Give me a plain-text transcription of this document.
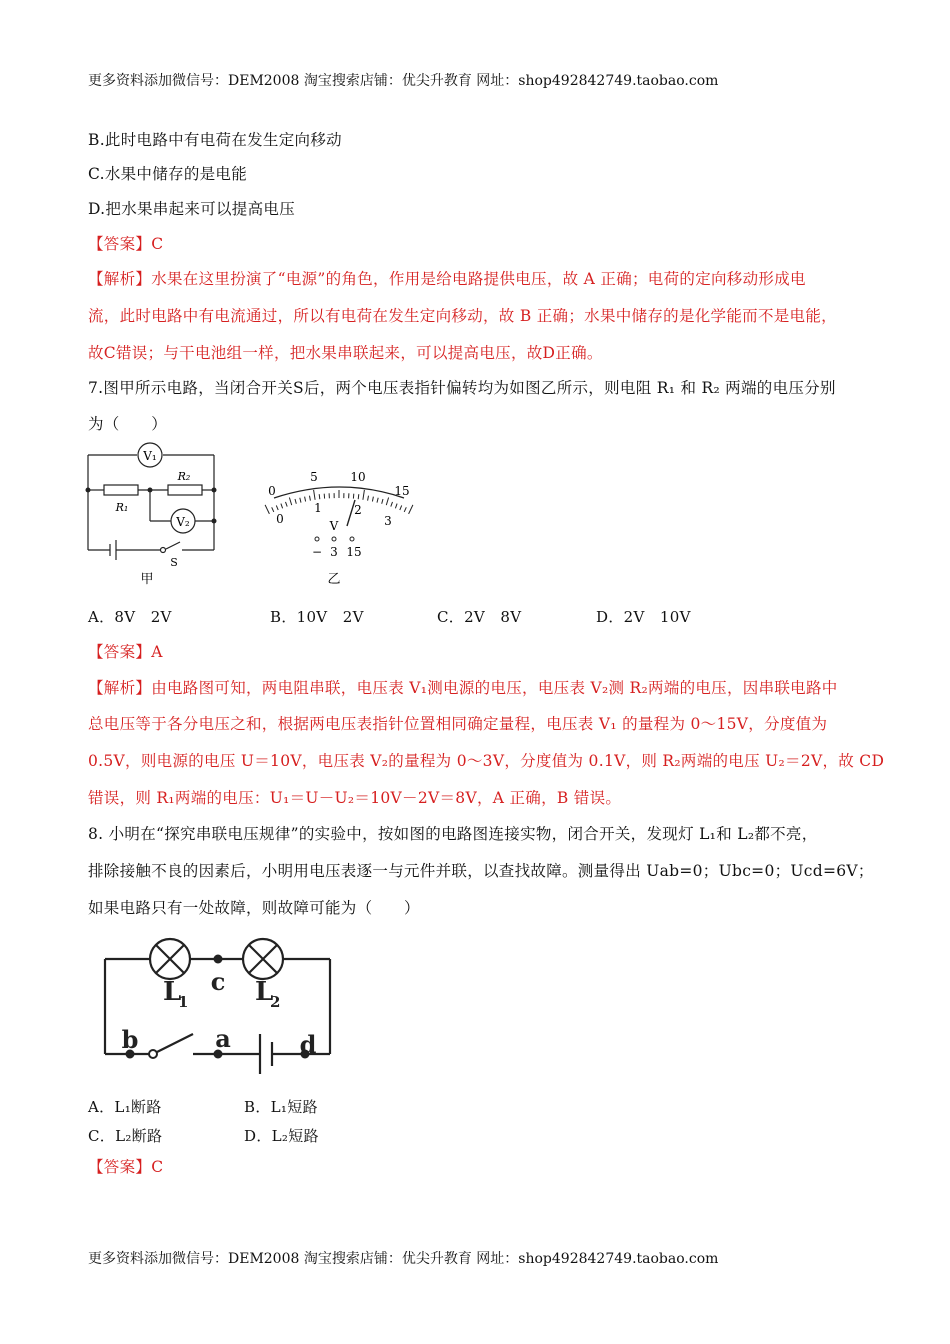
更多资料添加微信号：DEM2008 淘宝搜索店铺：优尖升教育 网址：shop492842749.taobao.com
B.此时电路中有电荷在发生定向移动
C.水果中储存的是电能
D.把水果串起来可以提高电压
【答案】C
【解析】水果在这里扮演了“电源”的角色，作用是给电路提供电压，故 A 正确；电荷的定向移动形成电
流，此时电路中有电流通过，所以有电荷在发生定向移动，故 B 正确；水果中储存的是化学能而不是电能，
故C错误；与干电池组一样，把水果串联起来，可以提高电压，故D正确。
7.图甲所示电路，当闭合开关S后，两个电压表指针偏转均为如图乙所示，则电阻 R₁ 和 R₂ 两端的电压分别
为（　　）
V₁
V₂
R₁
R₂
S
甲
0
5	10
15
0
1	2
3
V
− 3 15
乙
A．8V　2V	B．10V　2V	C．2V　8V	D．2V　10V
【答案】A
【解析】由电路图可知，两电阻串联，电压表 V₁测电源的电压，电压表 V₂测 R₂两端的电压，因串联电路中
总电压等于各分电压之和，根据两电压表指针位置相同确定量程，电压表 V₁ 的量程为 0～15V，分度值为
0.5V，则电源的电压 U＝10V，电压表 V₂的量程为 0～3V，分度值为 0.1V，则 R₂两端的电压 U₂＝2V，故 CD
错误，则 R₁两端的电压：U₁＝U－U₂＝10V－2V＝8V，A 正确，B 错误。
8. 小明在“探究串联电压规律”的实验中，按如图的电路图连接实物，闭合开关，发现灯 L₁和 L₂都不亮，
排除接触不良的因素后，小明用电压表逐一与元件并联，以查找故障。测量得出 Uab=0；Ubc=0；Ucd=6V；
如果电路只有一处故障，则故障可能为（　　）
c
b	a	d
L
1	L
2
A．L₁断路	B．L₁短路
C．L₂断路	D．L₂短路
【答案】C
更多资料添加微信号：DEM2008 淘宝搜索店铺：优尖升教育 网址：shop492842749.taobao.com
